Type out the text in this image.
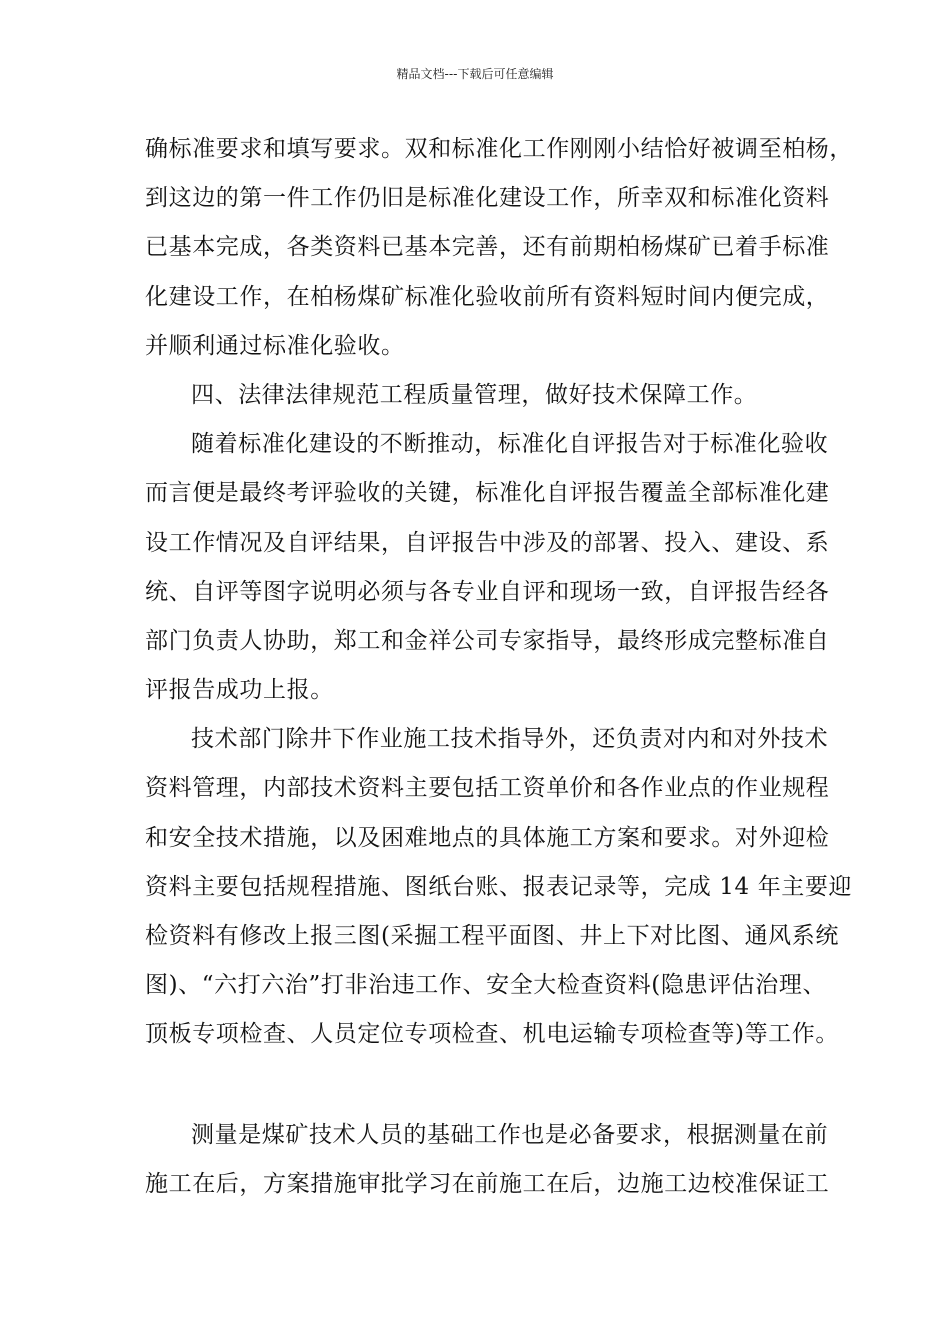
精品文档---下载后可任意编辑
确标准要求和填写要求。双和标准化工作刚刚小结恰好被调至柏杨，
到这边的第一件工作仍旧是标准化建设工作，所幸双和标准化资料
已基本完成，各类资料已基本完善，还有前期柏杨煤矿已着手标准
化建设工作，在柏杨煤矿标准化验收前所有资料短时间内便完成，
并顺利通过标准化验收。
四、法律法律规范工程质量管理，做好技术保障工作。
随着标准化建设的不断推动，标准化自评报告对于标准化验收
而言便是最终考评验收的关键，标准化自评报告覆盖全部标准化建
设工作情况及自评结果，自评报告中涉及的部署、投入、建设、系
统、自评等图字说明必须与各专业自评和现场一致，自评报告经各
部门负责人协助，郑工和金祥公司专家指导，最终形成完整标准自
评报告成功上报。
技术部门除井下作业施工技术指导外，还负责对内和对外技术
资料管理，内部技术资料主要包括工资单价和各作业点的作业规程
和安全技术措施，以及困难地点的具体施工方案和要求。对外迎检
资料主要包括规程措施、图纸台账、报表记录等，完成 14 年主要迎
检资料有修改上报三图(采掘工程平面图、井上下对比图、通风系统
图)、“六打六治”打非治违工作、安全大检查资料(隐患评估治理、
顶板专项检查、人员定位专项检查、机电运输专项检查等)等工作。
测量是煤矿技术人员的基础工作也是必备要求，根据测量在前
施工在后，方案措施审批学习在前施工在后，边施工边校准保证工
